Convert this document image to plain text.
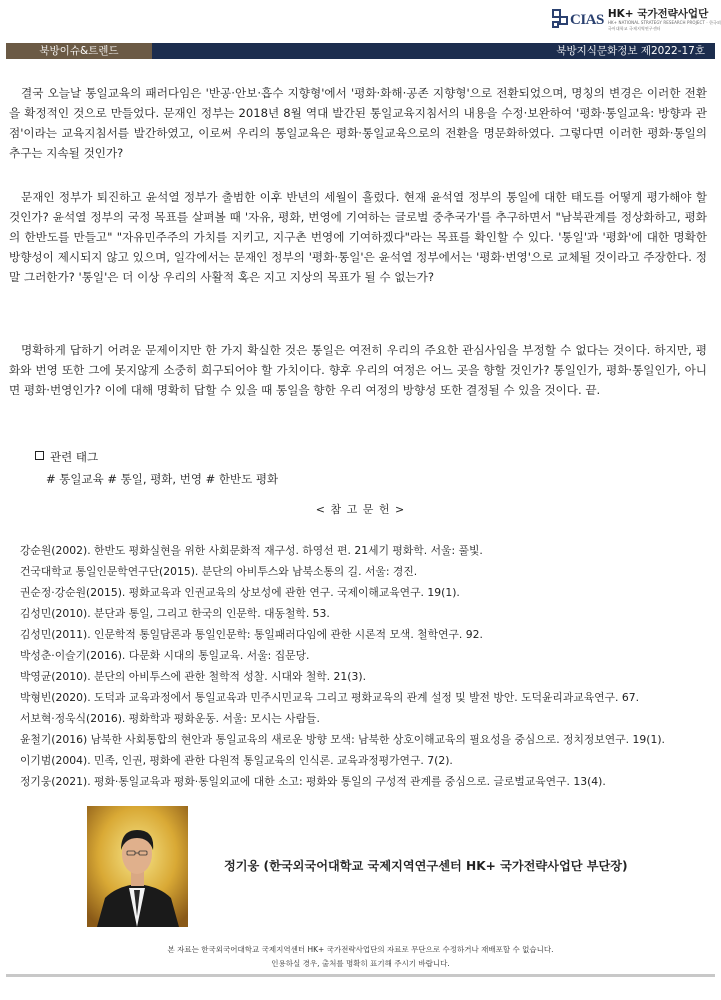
CIAS HK+ 국가전략사업단
HK+ NATIONAL STRATEGY RESEARCH PROJECT · 한국외국어대학교 국제지역연구센터
북방이슈&트렌드	북방지식문화정보 제2022-17호

결국 오늘날 통일교육의 패러다임은 '반공·안보·흡수 지향형'에서 '평화·화해·공존 지향형'으로 전환되었으며, 명칭의 변경은 이러한 전환을 확정적인 것으로 만들었다. 문재인 정부는 2018년 8월 역대 발간된 통일교육지침서의 내용을 수정·보완하여 '평화·통일교육: 방향과 관점'이라는 교육지침서를 발간하였고, 이로써 우리의 통일교육은 평화·통일교육으로의 전환을 명문화하였다. 그렇다면 이러한 평화·통일의 추구는 지속될 것인가?

문재인 정부가 퇴진하고 윤석열 정부가 출범한 이후 반년의 세월이 흘렀다. 현재 윤석열 정부의 통일에 대한 태도를 어떻게 평가해야 할 것인가? 윤석열 정부의 국정 목표를 살펴볼 때 '자유, 평화, 번영에 기여하는 글로벌 중추국가'를 추구하면서 "남북관계를 정상화하고, 평화의 한반도를 만들고" "자유민주주의 가치를 지키고, 지구촌 번영에 기여하겠다"라는 목표를 확인할 수 있다. '통일'과 '평화'에 대한 명확한 방향성이 제시되지 않고 있으며, 일각에서는 문재인 정부의 '평화·통일'은 윤석열 정부에서는 '평화·번영'으로 교체될 것이라고 주장한다. 정말 그러한가? '통일'은 더 이상 우리의 사활적 혹은 지고 지상의 목표가 될 수 없는가?

명확하게 답하기 어려운 문제이지만 한 가지 확실한 것은 통일은 여전히 우리의 주요한 관심사임을 부정할 수 없다는 것이다. 하지만, 평화와 번영 또한 그에 못지않게 소중히 희구되어야 할 가치이다. 향후 우리의 여정은 어느 곳을 향할 것인가? 통일인가, 평화·통일인가, 아니면 평화·번영인가? 이에 대해 명확히 답할 수 있을 때 통일을 향한 우리 여정의 방향성 또한 결정될 수 있을 것이다. 끝.

관련 태그
# 통일교육 # 통일, 평화, 번영 # 한반도 평화
< 참 고 문 헌 >
강순원(2002). 한반도 평화실현을 위한 사회문화적 재구성. 하영선 편. 21세기 평화학. 서울: 풀빛.
건국대학교 통일인문학연구단(2015). 분단의 아비투스와 남북소통의 길. 서울: 경진.
권순정·강순원(2015). 평화교육과 인권교육의 상보성에 관한 연구. 국제이해교육연구. 19(1).
김성민(2010). 분단과 통일, 그리고 한국의 인문학. 대동철학. 53.
김성민(2011). 인문학적 통일담론과 통일인문학: 통일패러다임에 관한 시론적 모색. 철학연구. 92.
박성춘·이슬기(2016). 다문화 시대의 통일교육. 서울: 집문당.
박영균(2010). 분단의 아비투스에 관한 철학적 성찰. 시대와 철학. 21(3).
박형빈(2020). 도덕과 교육과정에서 통일교육과 민주시민교육 그리고 평화교육의 관계 설정 및 발전 방안. 도덕윤리과교육연구. 67.
서보혁·정욱식(2016). 평화학과 평화운동. 서울: 모시는 사람들.
윤철기(2016) 남북한 사회통합의 현안과 통일교육의 새로운 방향 모색: 남북한 상호이해교육의 필요성을 중심으로. 정치정보연구. 19(1).
이기범(2004). 민족, 인권, 평화에 관한 다원적 통일교육의 인식론. 교육과정평가연구. 7(2).
정기웅(2021). 평화·통일교육과 평화·통일외교에 대한 소고: 평화와 통일의 구성적 관계를 중심으로. 글로벌교육연구. 13(4).
정기웅 (한국외국어대학교 국제지역연구센터 HK+ 국가전략사업단 부단장)
본 자료는 한국외국어대학교 국제지역센터 HK+ 국가전략사업단의 자료로 무단으로 수정하거나 재배포할 수 없습니다.
인용하실 경우, 출처를 명확히 표기해 주시기 바랍니다.
